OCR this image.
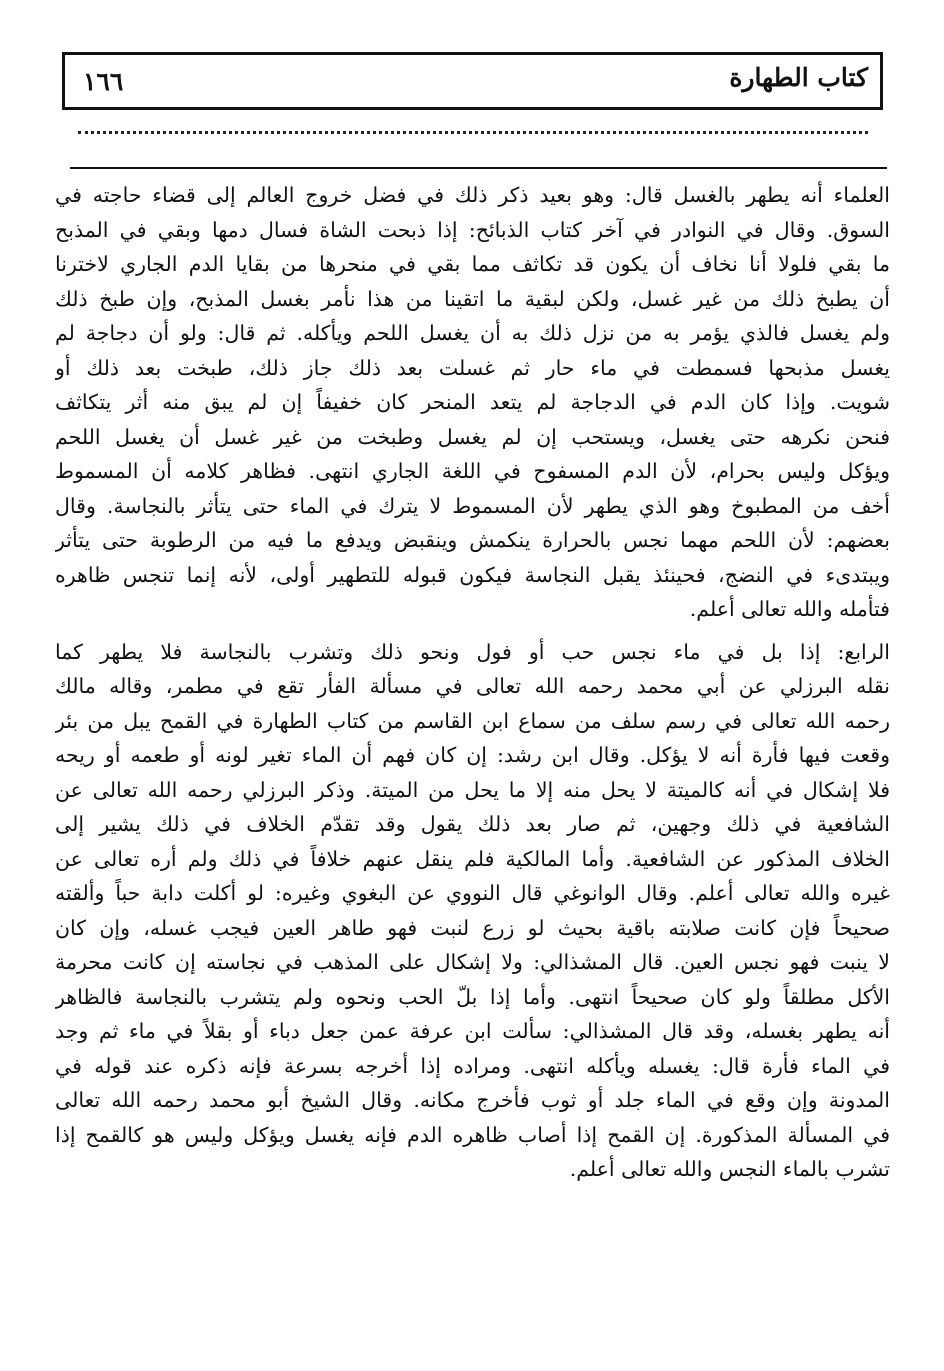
كتاب الطهارة
١٦٦
العلماء أنه يطهر بالغسل قال: وهو بعيد ذكر ذلك في فضل خروج العالم إلى قضاء حاجته في
السوق. وقال في النوادر في آخر كتاب الذبائح: إذا ذبحت الشاة فسال دمها وبقي في المذبح
ما بقي فلولا أنا نخاف أن يكون قد تكاثف مما بقي في منحرها من بقايا الدم الجاري لاخترنا
أن يطبخ ذلك من غير غسل، ولكن لبقية ما اتقينا من هذا نأمر بغسل المذبح، وإن طبخ ذلك
ولم يغسل فالذي يؤمر به من نزل ذلك به أن يغسل اللحم ويأكله. ثم قال: ولو أن دجاجة لم
يغسل مذبحها فسمطت في ماء حار ثم غسلت بعد ذلك جاز ذلك، طبخت بعد ذلك أو
شويت. وإذا كان الدم في الدجاجة لم يتعد المنحر كان خفيفاً إن لم يبق منه أثر يتكاثف
فنحن نكرهه حتى يغسل، ويستحب إن لم يغسل وطبخت من غير غسل أن يغسل اللحم
ويؤكل وليس بحرام، لأن الدم المسفوح في اللغة الجاري انتهى. فظاهر كلامه أن المسموط
أخف من المطبوخ وهو الذي يطهر لأن المسموط لا يترك في الماء حتى يتأثر بالنجاسة. وقال
بعضهم: لأن اللحم مهما نجس بالحرارة ينكمش وينقبض ويدفع ما فيه من الرطوبة حتى يتأثر
ويبتدىء في النضج، فحينئذ يقبل النجاسة فيكون قبوله للتطهير أولى، لأنه إنما تنجس ظاهره
فتأمله والله تعالى أعلم.
الرابع: إذا بل في ماء نجس حب أو فول ونحو ذلك وتشرب بالنجاسة فلا يطهر كما
نقله البرزلي عن أبي محمد رحمه الله تعالى في مسألة الفأر تقع في مطمر، وقاله مالك
رحمه الله تعالى في رسم سلف من سماع ابن القاسم من كتاب الطهارة في القمح يبل من بئر
وقعت فيها فأرة أنه لا يؤكل. وقال ابن رشد: إن كان فهم أن الماء تغير لونه أو طعمه أو ريحه
فلا إشكال في أنه كالميتة لا يحل منه إلا ما يحل من الميتة. وذكر البرزلي رحمه الله تعالى عن
الشافعية في ذلك وجهين، ثم صار بعد ذلك يقول وقد تقدّم الخلاف في ذلك يشير إلى
الخلاف المذكور عن الشافعية. وأما المالكية فلم ينقل عنهم خلافاً في ذلك ولم أره تعالى عن
غيره والله تعالى أعلم. وقال الوانوغي قال النووي عن البغوي وغيره: لو أكلت دابة حباً وألقته
صحيحاً فإن كانت صلابته باقية بحيث لو زرع لنبت فهو طاهر العين فيجب غسله، وإن كان
لا ينبت فهو نجس العين. قال المشذالي: ولا إشكال على المذهب في نجاسته إن كانت محرمة
الأكل مطلقاً ولو كان صحيحاً انتهى. وأما إذا بلّ الحب ونحوه ولم يتشرب بالنجاسة فالظاهر
أنه يطهر بغسله، وقد قال المشذالي: سألت ابن عرفة عمن جعل دباء أو بقلاً في ماء ثم وجد
في الماء فأرة قال: يغسله ويأكله انتهى. ومراده إذا أخرجه بسرعة فإنه ذكره عند قوله في
المدونة وإن وقع في الماء جلد أو ثوب فأخرج مكانه. وقال الشيخ أبو محمد رحمه الله تعالى
في المسألة المذكورة. إن القمح إذا أصاب ظاهره الدم فإنه يغسل ويؤكل وليس هو كالقمح إذا
تشرب بالماء النجس والله تعالى أعلم.
